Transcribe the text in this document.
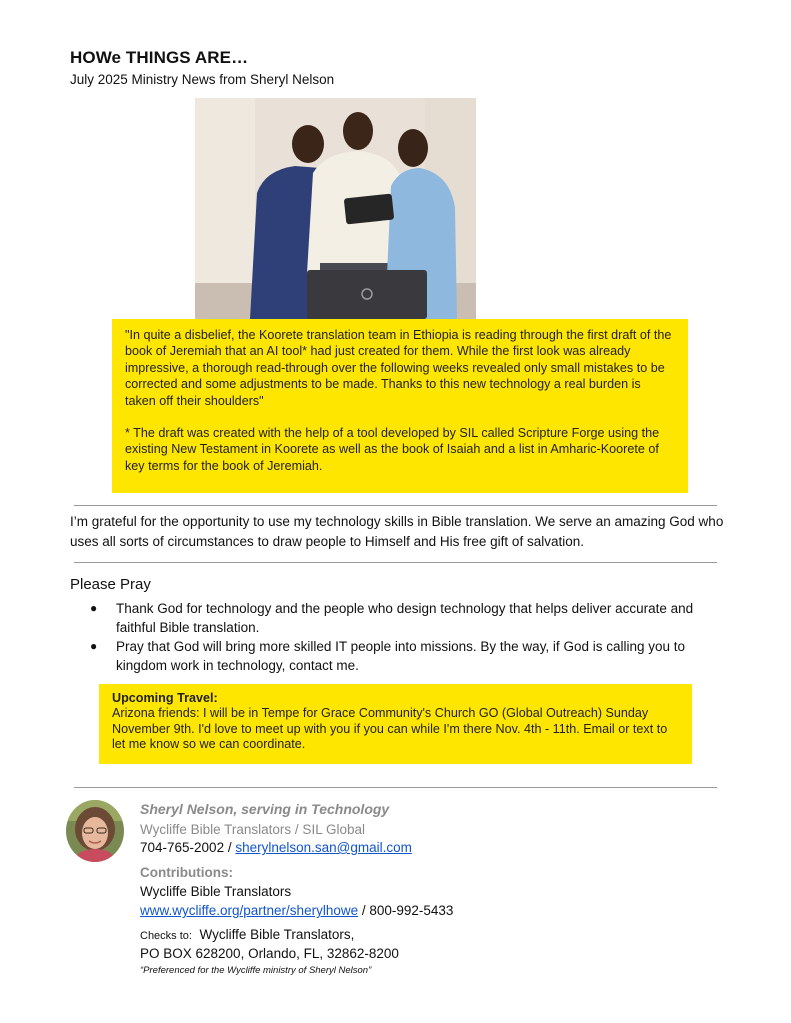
HOWe THINGS ARE…
July 2025 Ministry News from Sheryl Nelson

"In quite a disbelief, the Koorete translation team in Ethiopia is reading through the first draft of the book of Jeremiah that an AI tool* had just created for them. While the first look was already impressive, a thorough read-through over the following weeks revealed only small mistakes to be corrected and some adjustments to be made. Thanks to this new technology a real burden is taken off their shoulders"

* The draft was created with the help of a tool developed by SIL called Scripture Forge using the existing New Testament in Koorete as well as the book of Isaiah and a list in Amharic-Koorete of key terms for the book of Jeremiah.

I’m grateful for the opportunity to use my technology skills in Bible translation. We serve an amazing God who uses all sorts of circumstances to draw people to Himself and His free gift of salvation.
Please Pray
● Thank God for technology and the people who design technology that helps deliver accurate and faithful Bible translation.
● Pray that God will bring more skilled IT people into missions. By the way, if God is calling you to kingdom work in technology, contact me.
Upcoming Travel:
Arizona friends: I will be in Tempe for Grace Community's Church GO (Global Outreach) Sunday November 9th. I'd love to meet up with you if you can while I'm there Nov. 4th - 11th. Email or text to let me know so we can coordinate.
Sheryl Nelson, serving in Technology
Wycliffe Bible Translators / SIL Global
704-765-2002 / sherylnelson.san@gmail.com
Contributions:
Wycliffe Bible Translators
www.wycliffe.org/partner/sherylhowe / 800-992-5433
Checks to: Wycliffe Bible Translators,
PO BOX 628200, Orlando, FL, 32862-8200
“Preferenced for the Wycliffe ministry of Sheryl Nelson”
